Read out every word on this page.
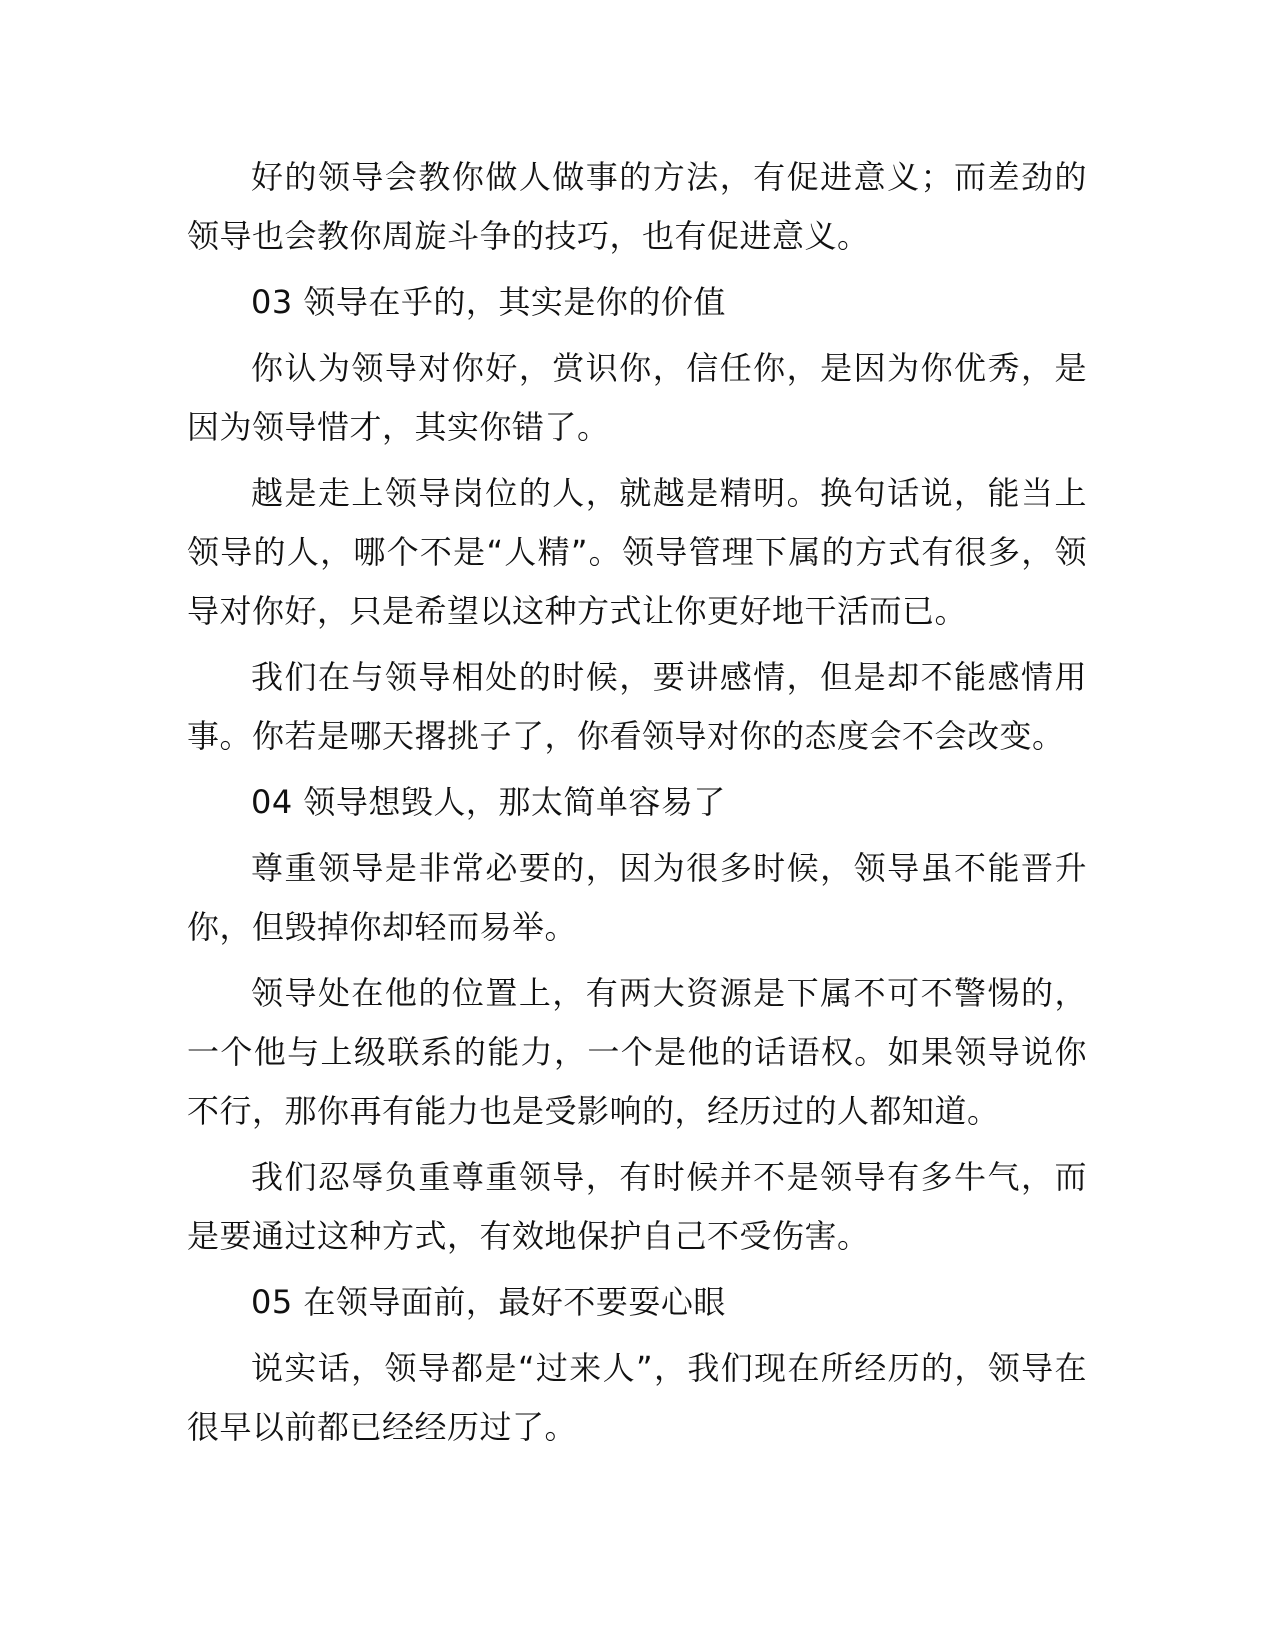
好的领导会教你做人做事的方法，有促进意义；而差劲的领导也会教你周旋斗争的技巧，也有促进意义。

03 领导在乎的，其实是你的价值

你认为领导对你好，赏识你，信任你，是因为你优秀，是因为领导惜才，其实你错了。

越是走上领导岗位的人，就越是精明。换句话说，能当上领导的人，哪个不是“人精”。领导管理下属的方式有很多，领导对你好，只是希望以这种方式让你更好地干活而已。

我们在与领导相处的时候，要讲感情，但是却不能感情用事。你若是哪天撂挑子了，你看领导对你的态度会不会改变。

04 领导想毁人，那太简单容易了

尊重领导是非常必要的，因为很多时候，领导虽不能晋升你，但毁掉你却轻而易举。

领导处在他的位置上，有两大资源是下属不可不警惕的，一个他与上级联系的能力，一个是他的话语权。如果领导说你不行，那你再有能力也是受影响的，经历过的人都知道。

我们忍辱负重尊重领导，有时候并不是领导有多牛气，而是要通过这种方式，有效地保护自己不受伤害。

05 在领导面前，最好不要耍心眼

说实话，领导都是“过来人”，我们现在所经历的，领导在很早以前都已经经历过了。
